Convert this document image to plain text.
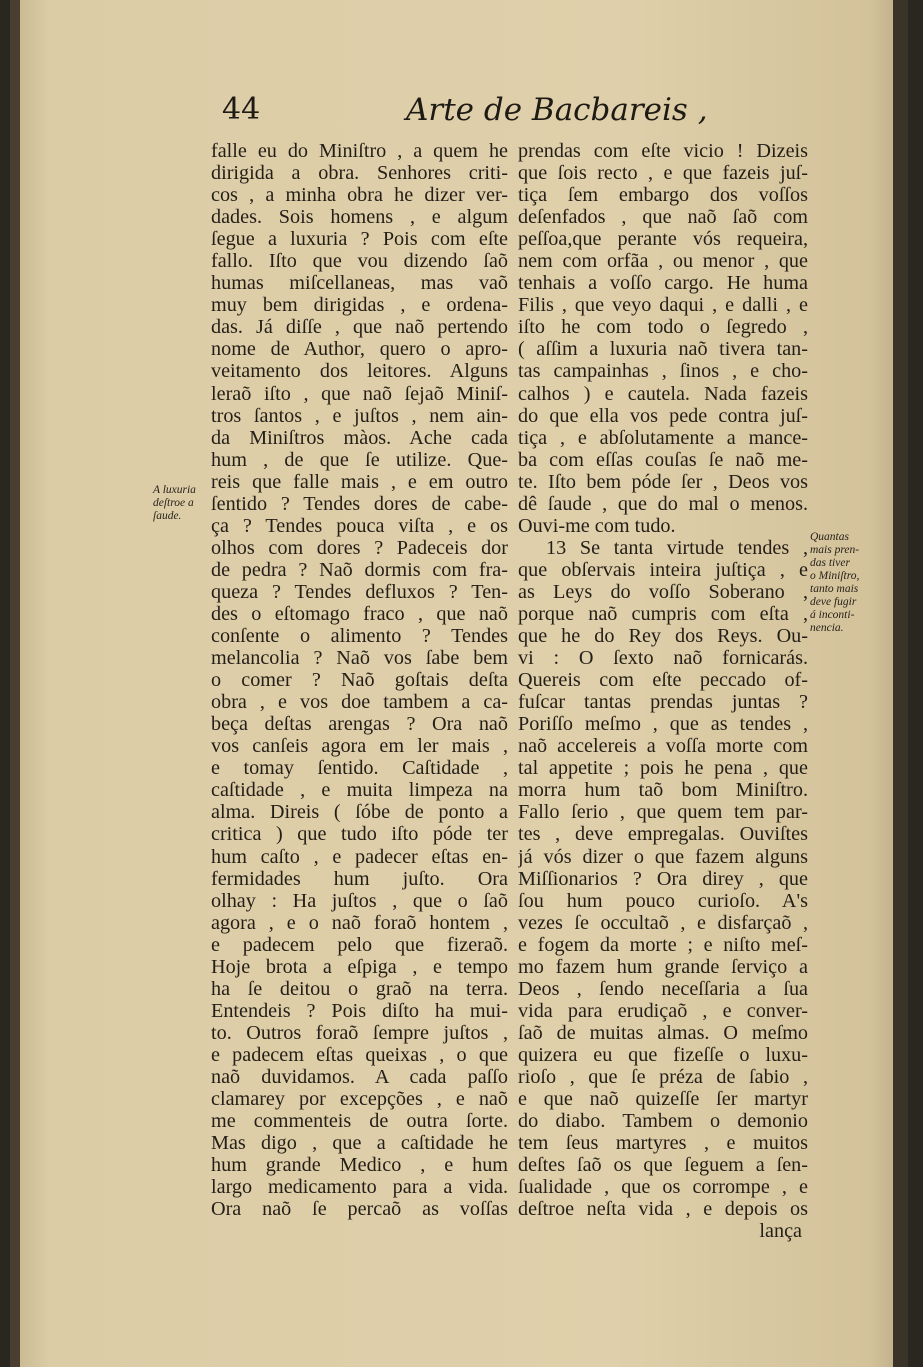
44	Arte de Bacbareis ,
falle eu do Miniſtro , a quem he
dirigida a obra. Senhores criti-
cos , a minha obra he dizer ver-
dades. Sois homens , e algum
ſegue a luxuria ? Pois com eſte
fallo. Iſto que vou dizendo ſaõ
humas miſcellaneas, mas vaõ
muy bem dirigidas , e ordena-
das. Já diſſe , que naõ pertendo
nome de Author, quero o apro-
veitamento dos leitores. Alguns
leraõ iſto , que naõ ſejaõ Miniſ-
tros ſantos , e juſtos , nem ain-
da Miniſtros màos. Ache cada
hum , de que ſe utilize. Que-
reis que falle mais , e em outro
ſentido ? Tendes dores de cabe-
ça ? Tendes pouca viſta , e os
olhos com dores ? Padeceis dor
de pedra ? Naõ dormis com fra-
queza ? Tendes defluxos ? Ten-
des o eſtomago fraco , que naõ
conſente o alimento ? Tendes
melancolia ? Naõ vos ſabe bem
o comer ? Naõ goſtais deſta
obra , e vos doe tambem a ca-
beça deſtas arengas ? Ora naõ
vos canſeis agora em ler mais ,
e tomay ſentido. Caſtidade ,
caſtidade , e muita limpeza na
alma. Direis ( ſóbe de ponto a
critica ) que tudo iſto póde ter
hum caſto , e padecer eſtas en-
fermidades hum juſto. Ora
olhay : Ha juſtos , que o ſaõ
agora , e o naõ foraõ hontem ,
e padecem pelo que fizeraõ.
Hoje brota a eſpiga , e tempo
ha ſe deitou o graõ na terra.
Entendeis ? Pois diſto ha mui-
to. Outros foraõ ſempre juſtos ,
e padecem eſtas queixas , o que
naõ duvidamos. A cada paſſo
clamarey por excepções , e naõ
me commenteis de outra ſorte.
Mas digo , que a caſtidade he
hum grande Medico , e hum
largo medicamento para a vida.
Ora naõ ſe percaõ as voſſas
prendas com eſte vicio ! Dizeis
que ſois recto , e que fazeis juſ-
tiça ſem embargo dos voſſos
deſenfados , que naõ ſaõ com
peſſoa,que perante vós requeira,
nem com orfãa , ou menor , que
tenhais a voſſo cargo. He huma
Filis , que veyo daqui , e dalli , e
iſto he com todo o ſegredo ,
( aſſim a luxuria naõ tivera tan-
tas campainhas , ſinos , e cho-
calhos ) e cautela. Nada fazeis
do que ella vos pede contra juſ-
tiça , e abſolutamente a mance-
ba com eſſas couſas ſe naõ me-
te. Iſto bem póde ſer , Deos vos
dê ſaude , que do mal o menos.
Ouvi-me com tudo.
13 Se tanta virtude tendes ,
que obſervais inteira juſtiça , e
as Leys do voſſo Soberano ,
porque naõ cumpris com eſta ,
que he do Rey dos Reys. Ou-
vi : O ſexto naõ fornicarás.
Quereis com eſte peccado of-
fuſcar tantas prendas juntas ?
Poriſſo meſmo , que as tendes ,
naõ accelereis a voſſa morte com
tal appetite ; pois he pena , que
morra hum taõ bom Miniſtro.
Fallo ſerio , que quem tem par-
tes , deve empregalas. Ouviſtes
já vós dizer o que fazem alguns
Miſſionarios ? Ora direy , que
ſou hum pouco curioſo. A's
vezes ſe occultaõ , e disfarçaõ ,
e fogem da morte ; e niſto meſ-
mo fazem hum grande ſerviço a
Deos , ſendo neceſſaria a ſua
vida para erudiçaõ , e conver-
ſaõ de muitas almas. O meſmo
quizera eu que fizeſſe o luxu-
rioſo , que ſe préza de ſabio ,
e que naõ quizeſſe ſer martyr
do diabo. Tambem o demonio
tem ſeus martyres , e muitos
deſtes ſaõ os que ſeguem a ſen-
ſualidade , que os corrompe , e
deſtroe neſta vida , e depois os
lança
A luxuria
deſtroe a
ſaude.
Quantas
mais pren-
das tiver
o Miniſtro,
tanto mais
deve fugir
á inconti-
nencia.
